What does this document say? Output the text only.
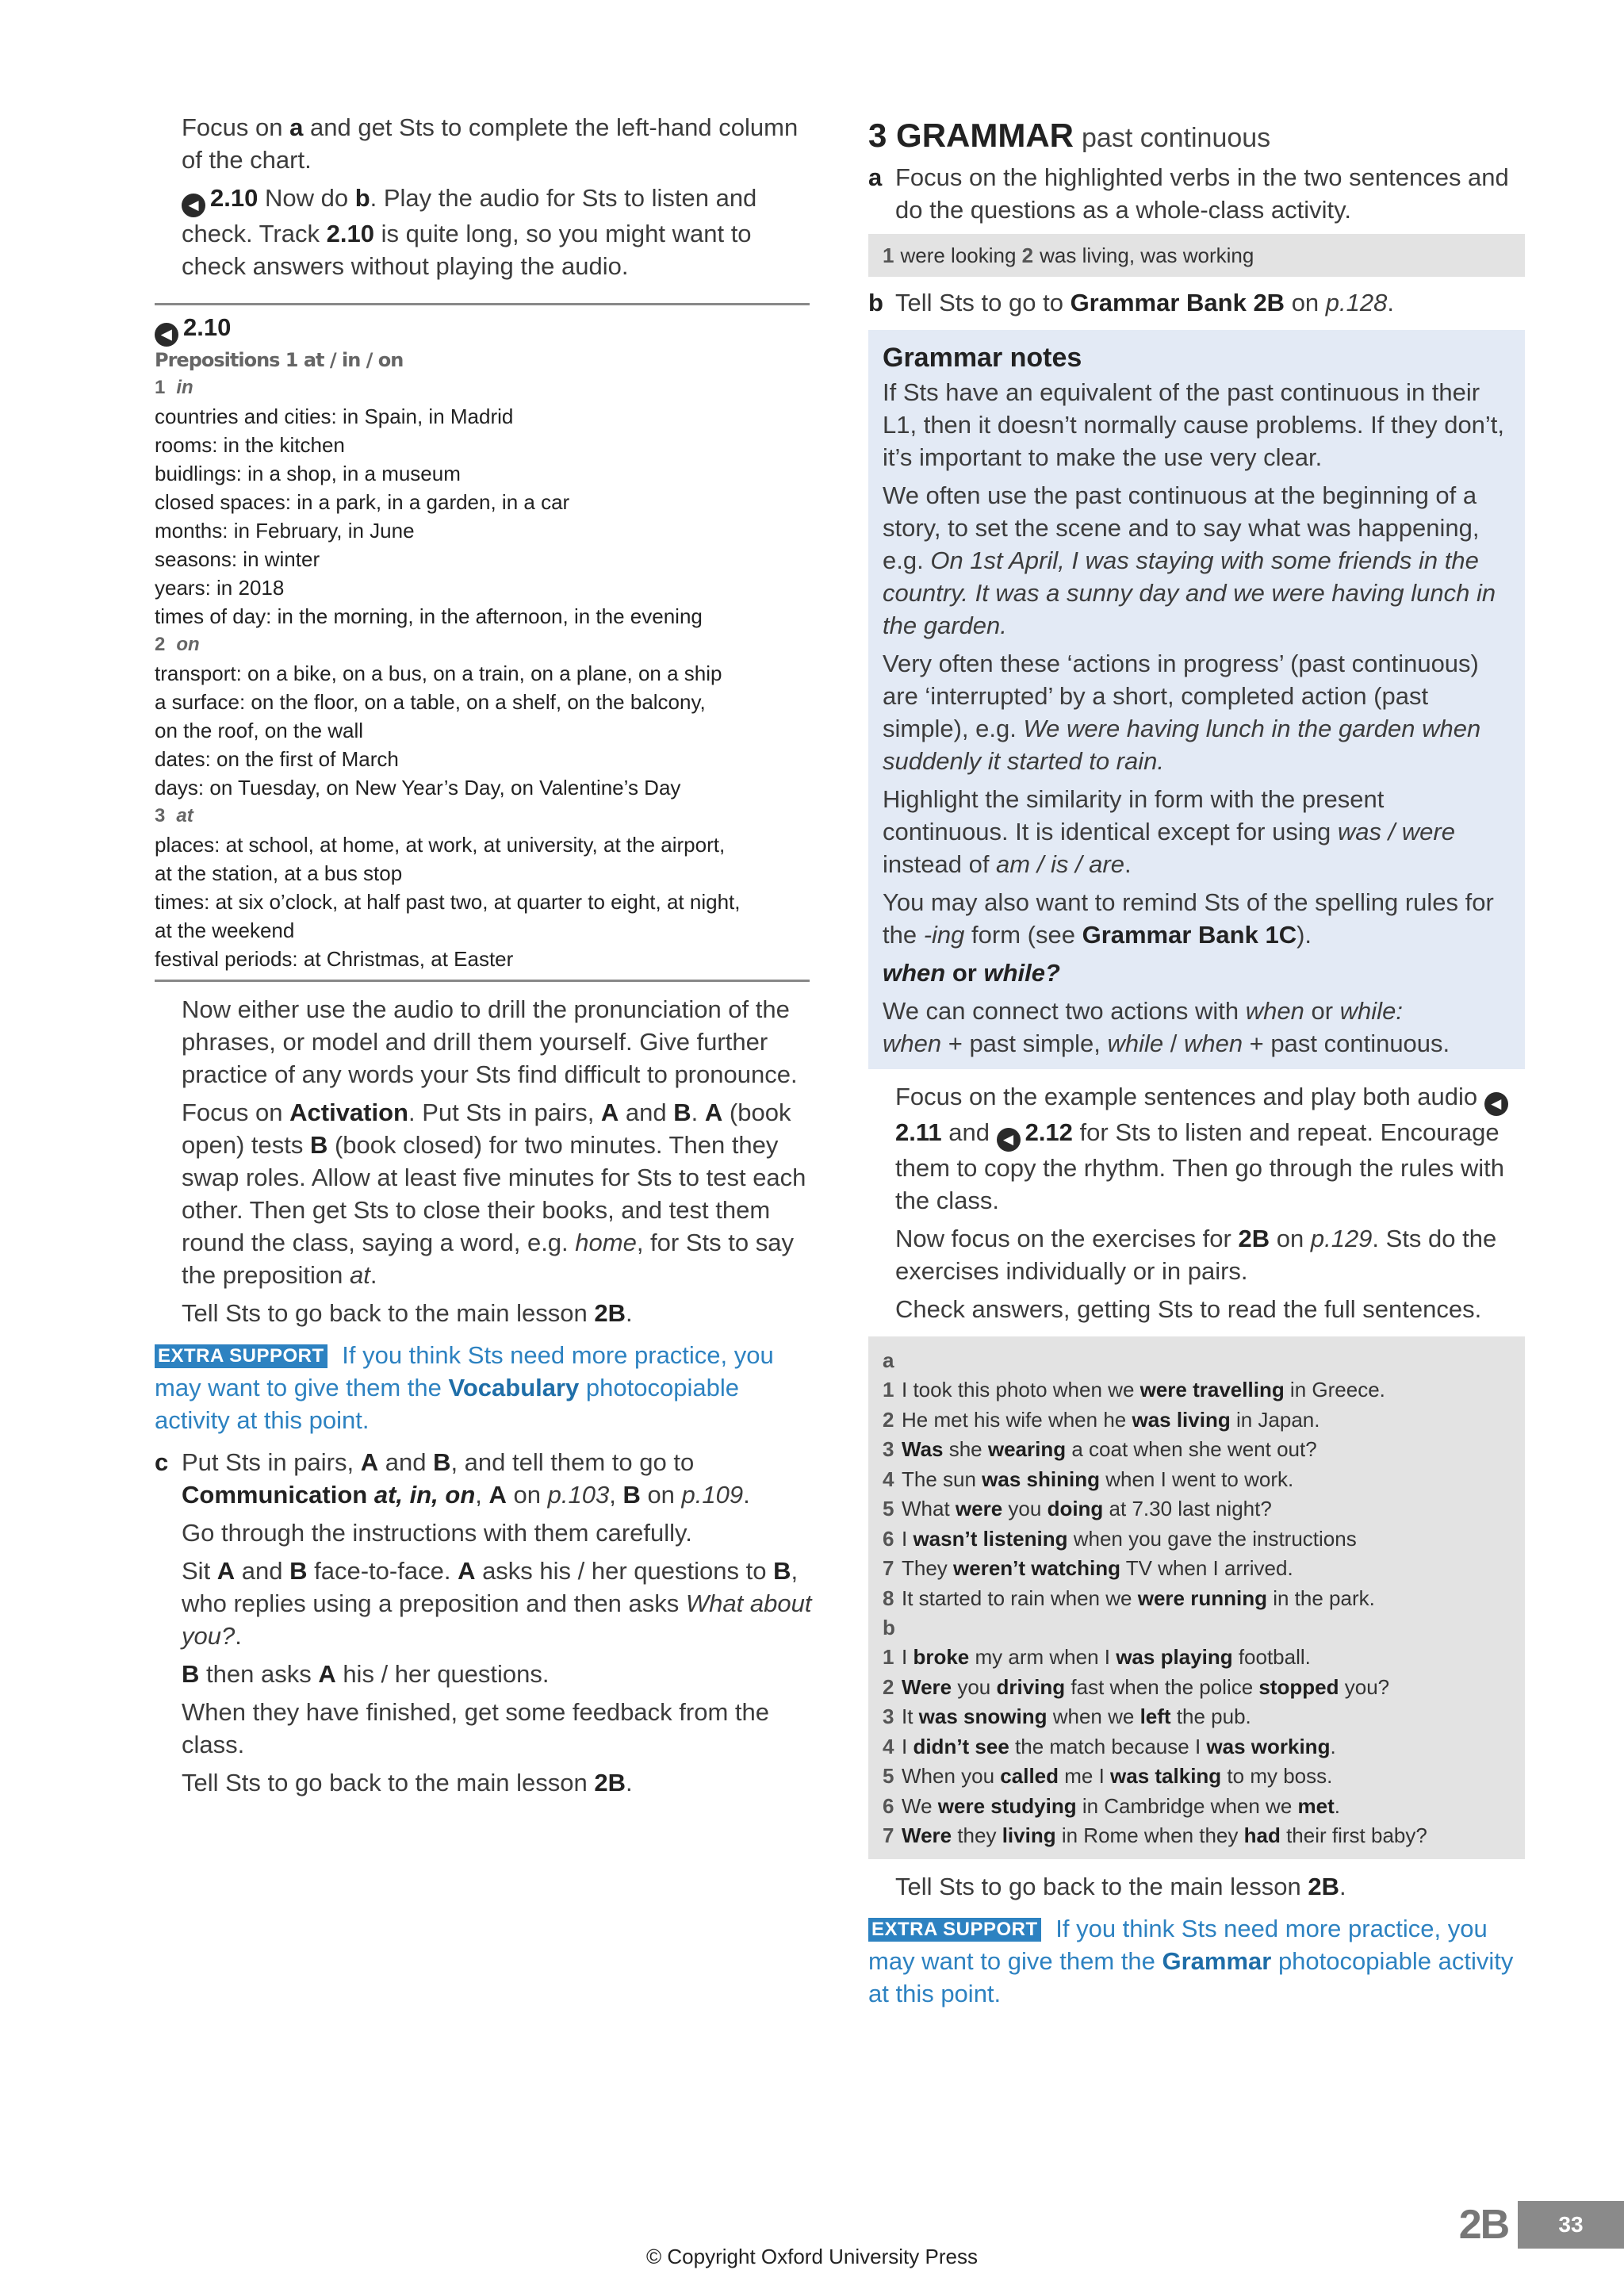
Focus on a and get Sts to complete the left-hand column of the chart.

◀2.10 Now do b. Play the audio for Sts to listen and check. Track 2.10 is quite long, so you might want to check answers without playing the audio.

◀2.10
Prepositions 1 at / in / on
1 in
countries and cities: in Spain, in Madrid
rooms: in the kitchen
buidlings: in a shop, in a museum
closed spaces: in a park, in a garden, in a car
months: in February, in June
seasons: in winter
years: in 2018
times of day: in the morning, in the afternoon, in the evening
2 on
transport: on a bike, on a bus, on a train, on a plane, on a ship
a surface: on the floor, on a table, on a shelf, on the balcony,
on the roof, on the wall
dates: on the first of March
days: on Tuesday, on New Year’s Day, on Valentine’s Day
3 at
places: at school, at home, at work, at university, at the airport,
at the station, at a bus stop
times: at six o’clock, at half past two, at quarter to eight, at night,
at the weekend
festival periods: at Christmas, at Easter

Now either use the audio to drill the pronunciation of the phrases, or model and drill them yourself. Give further practice of any words your Sts find difficult to pronounce.

Focus on Activation. Put Sts in pairs, A and B. A (book open) tests B (book closed) for two minutes. Then they swap roles. Allow at least five minutes for Sts to test each other. Then get Sts to close their books, and test them round the class, saying a word, e.g. home, for Sts to say the preposition at.

Tell Sts to go back to the main lesson 2B.

EXTRA SUPPORT If you think Sts need more practice, you may want to give them the Vocabulary photocopiable activity at this point.

c Put Sts in pairs, A and B, and tell them to go to Communication at, in, on, A on p.103, B on p.109.

Go through the instructions with them carefully.

Sit A and B face-to-face. A asks his / her questions to B, who replies using a preposition and then asks What about you?.

B then asks A his / her questions.

When they have finished, get some feedback from the class.

Tell Sts to go back to the main lesson 2B.

3 GRAMMAR past continuous

a Focus on the highlighted verbs in the two sentences and do the questions as a whole-class activity.

1 were looking 2 was living, was working

b Tell Sts to go to Grammar Bank 2B on p.128.

Grammar notes

If Sts have an equivalent of the past continuous in their L1, then it doesn’t normally cause problems. If they don’t, it’s important to make the use very clear.

We often use the past continuous at the beginning of a story, to set the scene and to say what was happening, e.g. On 1st April, I was staying with some friends in the country. It was a sunny day and we were having lunch in the garden.

Very often these ‘actions in progress’ (past continuous) are ‘interrupted’ by a short, completed action (past simple), e.g. We were having lunch in the garden when suddenly it started to rain.

Highlight the similarity in form with the present continuous. It is identical except for using was / were instead of am / is / are.

You may also want to remind Sts of the spelling rules for the -ing form (see Grammar Bank 1C).

when or while?

We can connect two actions with when or while:

when + past simple, while / when + past continuous.

Focus on the example sentences and play both audio ◀2.11 and ◀2.12 for Sts to listen and repeat. Encourage them to copy the rhythm. Then go through the rules with the class.

Now focus on the exercises for 2B on p.129. Sts do the exercises individually or in pairs.

Check answers, getting Sts to read the full sentences.

a
1 I took this photo when we were travelling in Greece.
2 He met his wife when he was living in Japan.
3 Was she wearing a coat when she went out?
4 The sun was shining when I went to work.
5 What were you doing at 7.30 last night?
6 I wasn’t listening when you gave the instructions
7 They weren’t watching TV when I arrived.
8 It started to rain when we were running in the park.
b
1 I broke my arm when I was playing football.
2 Were you driving fast when the police stopped you?
3 It was snowing when we left the pub.
4 I didn’t see the match because I was working.
5 When you called me I was talking to my boss.
6 We were studying in Cambridge when we met.
7 Were they living in Rome when they had their first baby?

Tell Sts to go back to the main lesson 2B.

EXTRA SUPPORT If you think Sts need more practice, you may want to give them the Grammar photocopiable activity at this point.
2B	33
© Copyright Oxford University Press
